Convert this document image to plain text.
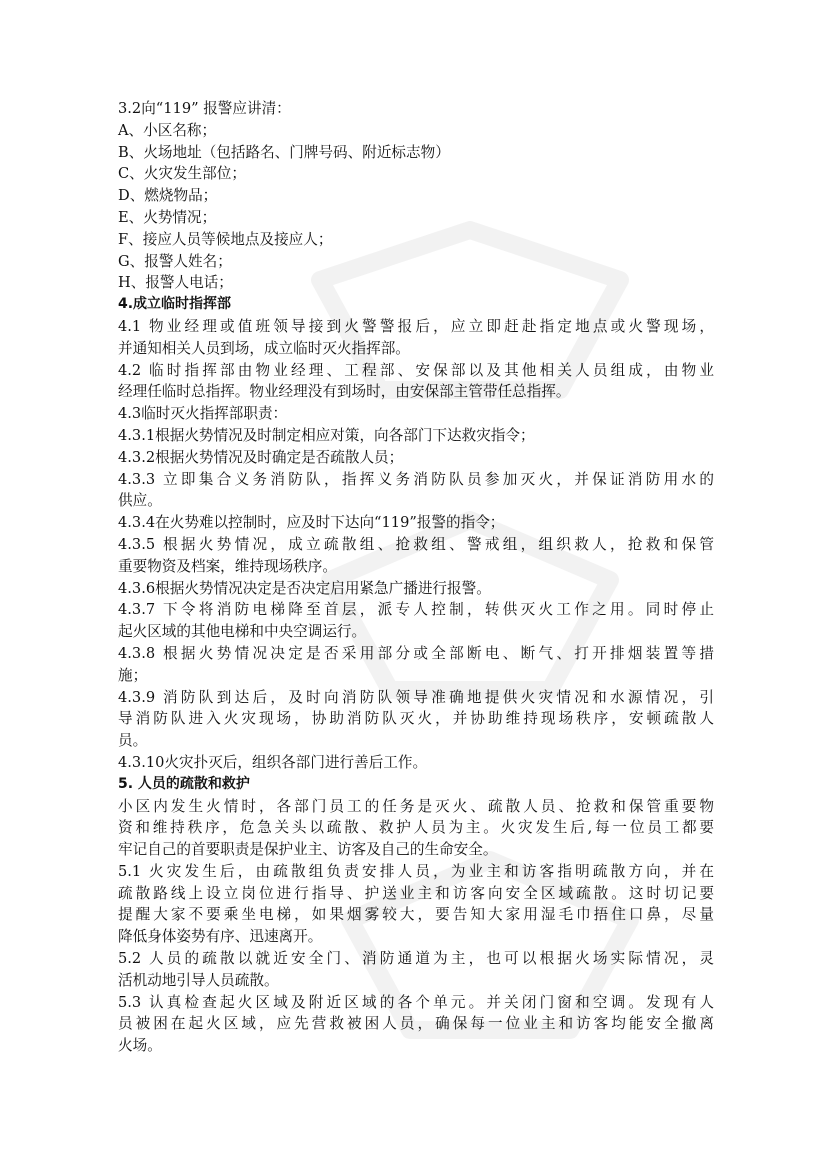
3.2向“119” 报警应讲清：
A、小区名称；
B、火场地址（包括路名、门牌号码、附近标志物）
C、火灾发生部位；
D、燃烧物品；
E、火势情况；
F、接应人员等候地点及接应人；
G、报警人姓名；
H、报警人电话；
4.成立临时指挥部
4.1 物业经理或值班领导接到火警警报后，应立即赶赴指定地点或火警现场，
并通知相关人员到场，成立临时灭火指挥部。
4.2 临时指挥部由物业经理、工程部、安保部以及其他相关人员组成，由物业
经理任临时总指挥。物业经理没有到场时，由安保部主管带任总指挥。
4.3临时灭火指挥部职责：
4.3.1根据火势情况及时制定相应对策，向各部门下达救灾指令；
4.3.2根据火势情况及时确定是否疏散人员；
4.3.3 立即集合义务消防队，指挥义务消防队员参加灭火，并保证消防用水的
供应。
4.3.4在火势难以控制时，应及时下达向“119”报警的指令；
4.3.5 根据火势情况，成立疏散组、抢救组、警戒组，组织救人，抢救和保管
重要物资及档案，维持现场秩序。
4.3.6根据火势情况决定是否决定启用紧急广播进行报警。
4.3.7 下令将消防电梯降至首层，派专人控制，转供灭火工作之用。同时停止
起火区域的其他电梯和中央空调运行。
4.3.8 根据火势情况决定是否采用部分或全部断电、断气、打开排烟装置等措
施；
4.3.9 消防队到达后，及时向消防队领导准确地提供火灾情况和水源情况，引
导消防队进入火灾现场，协助消防队灭火，并协助维持现场秩序，安顿疏散人
员。
4.3.10火灾扑灭后，组织各部门进行善后工作。
5. 人员的疏散和救护
小区内发生火情时，各部门员工的任务是灭火、疏散人员、抢救和保管重要物
资和维持秩序，危急关头以疏散、救护人员为主。火灾发生后,每一位员工都要
牢记自己的首要职责是保护业主、访客及自己的生命安全。
5.1 火灾发生后，由疏散组负责安排人员，为业主和访客指明疏散方向，并在
疏散路线上设立岗位进行指导、护送业主和访客向安全区域疏散。这时切记要
提醒大家不要乘坐电梯，如果烟雾较大，要告知大家用湿毛巾捂住口鼻，尽量
降低身体姿势有序、迅速离开。
5.2 人员的疏散以就近安全门、消防通道为主，也可以根据火场实际情况，灵
活机动地引导人员疏散。
5.3 认真检查起火区域及附近区域的各个单元。并关闭门窗和空调。发现有人
员被困在起火区域，应先营救被困人员，确保每一位业主和访客均能安全撤离
火场。
